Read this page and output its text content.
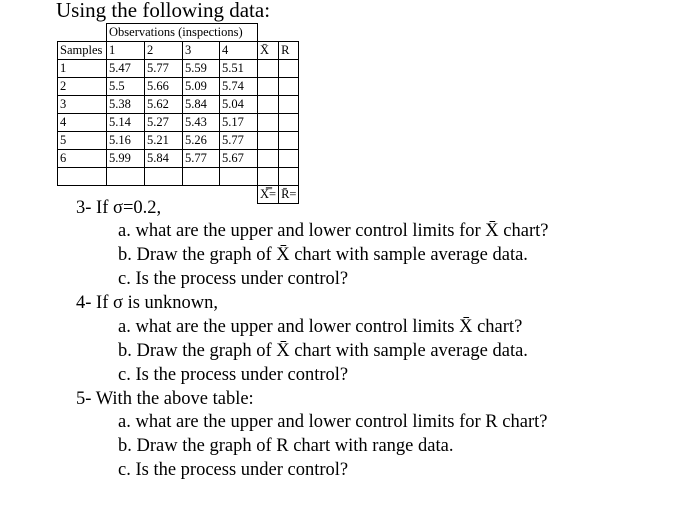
Using the following data:
	Observations (inspections)					
Samples	1	2	3	4	X̄	R
1	5.47	5.77	5.59	5.51		
2	5.5	5.66	5.09	5.74		
3	5.38	5.62	5.84	5.04		
4	5.14	5.27	5.43	5.17		
5	5.16	5.21	5.26	5.77		
6	5.99	5.84	5.77	5.67		

					X̿=	R̄=
3- If σ=0.2,
a. what are the upper and lower control limits for X̄ chart?
b. Draw the graph of X̄ chart with sample average data.
c. Is the process under control?
4- If σ is unknown,
a. what are the upper and lower control limits X̄ chart?
b. Draw the graph of X̄ chart with sample average data.
c. Is the process under control?
5- With the above table:
a. what are the upper and lower control limits for R chart?
b. Draw the graph of R chart with range data.
c. Is the process under control?
